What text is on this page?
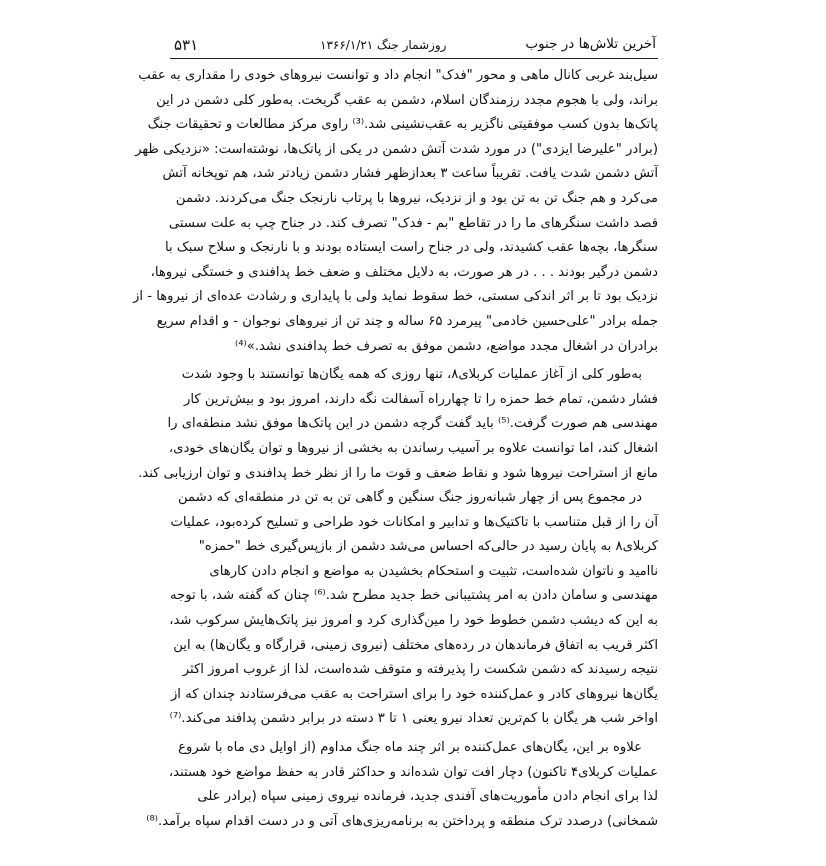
۵۳۱	روزشمار جنگ ۱۳۶۶/۱/۲۱	آخرین تلاش‌ها در جنوب
سیل‌بند غربی کانال ماهی و محور "فدک" انجام داد و توانست نیروهای خودی را مقداری به عقب
براند، ولی با هجوم مجدد رزمندگان اسلام، دشمن به عقب گریخت. به‌طور کلی دشمن در این
پاتک‌ها بدون کسب موفقیتی ناگزیر به عقب‌نشینی شد.⁽³⁾ راوی مرکز مطالعات و تحقیقات جنگ
(برادر "علیرضا ایزدی") در مورد شدت آتش دشمن در یکی از پاتک‌ها، نوشته‌است: «نزدیکی ظهر
آتش دشمن شدت یافت. تقریباً ساعت ۳ بعدازظهر فشار دشمن زیادتر شد، هم توپخانه آتش
می‌کرد و هم جنگ تن به تن بود و از نزدیک، نیروها با پرتاب نارنجک جنگ می‌کردند. دشمن
قصد داشت سنگرهای ما را در تقاطع "بم - فدک" تصرف کند. در جناح چپ به علت سستی
سنگرها، بچه‌ها عقب کشیدند، ولی در جناح راست ایستاده بودند و با نارنجک و سلاح سبک با
دشمن درگیر بودند . . . در هر صورت، به دلایل مختلف و ضعف خط پدافندی و خستگی نیروها،
نزدیک بود تا بر اثر اندکی سستی، خط سقوط نماید ولی با پایداری و رشادت عده‌ای از نیروها - از
جمله برادر "علی‌حسین خادمی" پیرمرد ۶۵ ساله و چند تن از نیروهای نوجوان - و اقدام سریع
برادران در اشغال مجدد مواضع، دشمن موفق به تصرف خط پدافندی نشد.»⁽⁴⁾
به‌طور کلی از آغاز عملیات کربلای۸، تنها روزی که همه یگان‌ها توانستند با وجود شدت
فشار دشمن، تمام خط حمزه را تا چهارراه آسفالت نگه دارند، امروز بود و بیش‌ترین کار
مهندسی هم صورت گرفت.⁽⁵⁾ باید گفت گرچه دشمن در این پاتک‌ها موفق نشد منطقه‌ای را
اشغال کند، اما توانست علاوه بر آسیب رساندن به بخشی از نیروها و توان یگان‌های خودی،
مانع از استراحت نیروها شود و نقاط ضعف و قوت ما را از نظر خط پدافندی و توان ارزیابی کند.
در مجموع پس از چهار شبانه‌روز جنگ سنگین و گاهی تن به تن در منطقه‌ای که دشمن
آن را از قبل متناسب با تاکتیک‌ها و تدابیر و امکانات خود طراحی و تسلیح کرده‌بود، عملیات
کربلای۸ به پایان رسید در حالی‌که احساس می‌شد دشمن از بازپس‌گیری خط "حمزه"
ناامید و ناتوان شده‌است، تثبیت و استحکام بخشیدن به مواضع و انجام دادن کارهای
مهندسی و سامان دادن به امر پشتیبانی خط جدید مطرح شد.⁽⁶⁾ چنان که گفته شد، با توجه
به این که دیشب دشمن خطوط خود را مین‌گذاری کرد و امروز نیز پاتک‌هایش سرکوب شد،
اکثر قریب به اتفاق فرماندهان در رده‌های مختلف (نیروی زمینی، قرارگاه و یگان‌ها) به این
نتیجه رسیدند که دشمن شکست را پذیرفته و متوقف شده‌است، لذا از غروب امروز اکثر
یگان‌ها نیروهای کادر و عمل‌کننده خود را برای استراحت به عقب می‌فرستادند چندان که از
اواخر شب هر یگان با کم‌ترین تعداد نیرو یعنی ۱ تا ۳ دسته در برابر دشمن پدافند می‌کند.⁽⁷⁾
علاوه بر این، یگان‌های عمل‌کننده بر اثر چند ماه جنگ مداوم (از اوایل دی ماه با شروع
عملیات کربلای۴ تاکنون) دچار افت توان شده‌اند و حداکثر قادر به حفظ مواضع خود هستند،
لذا برای انجام دادن مأموریت‌های آفندی جدید، فرمانده نیروی زمینی سپاه (برادر علی
شمخانی) درصدد ترک منطقه و پرداختن به برنامه‌ریزی‌های آتی و در دست اقدام سپاه برآمد.⁽⁸⁾
